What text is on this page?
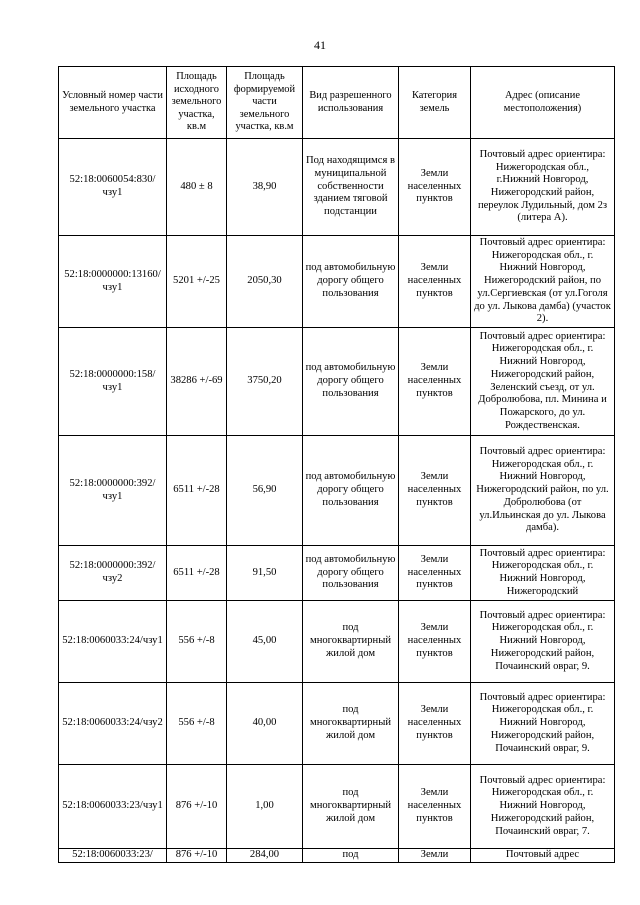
41
Условный номер части земельного участка	Площадь исходного земельного участка, кв.м	Площадь формируемой части земельного участка, кв.м	Вид разрешенного использования	Категория земель	Адрес (описание местоположения)
52:18:0060054:830/чзу1	480 ± 8	38,90	Под находящимся в муниципальной собственности зданием тяговой подстанции	Земли населенных пунктов	Почтовый адрес ориентира: Нижегородская обл., г.Нижний Новгород, Нижегородский район, переулок Лудильный, дом 2з (литера А).
52:18:0000000:13160/чзу1	5201 +/-25	2050,30	под автомобильную дорогу общего пользования	Земли населенных пунктов	Почтовый адрес ориентира: Нижегородская обл., г. Нижний Новгород, Нижегородский район, по ул.Сергиевская (от ул.Гоголя до ул. Лыкова дамба) (участок 2).
52:18:0000000:158/чзу1	38286 +/-69	3750,20	под автомобильную дорогу общего пользования	Земли населенных пунктов	Почтовый адрес ориентира: Нижегородская обл., г. Нижний Новгород, Нижегородский район, Зеленский съезд, от ул. Добролюбова, пл. Минина и Пожарского, до ул. Рождественская.
52:18:0000000:392/чзу1	6511 +/-28	56,90	под автомобильную дорогу общего пользования	Земли населенных пунктов	Почтовый адрес ориентира: Нижегородская обл., г. Нижний Новгород, Нижегородский район, по ул. Добролюбова (от ул.Ильинская до ул. Лыкова дамба).
52:18:0000000:392/чзу2	6511 +/-28	91,50	под автомобильную дорогу общего пользования	Земли населенных пунктов	Почтовый адрес ориентира: Нижегородская обл., г. Нижний Новгород, Нижегородский
52:18:0060033:24/чзу1	556 +/-8	45,00	под многоквартирный жилой дом	Земли населенных пунктов	Почтовый адрес ориентира: Нижегородская обл., г. Нижний Новгород, Нижегородский район, Почаинский овраг, 9.
52:18:0060033:24/чзу2	556 +/-8	40,00	под многоквартирный жилой дом	Земли населенных пунктов	Почтовый адрес ориентира: Нижегородская обл., г. Нижний Новгород, Нижегородский район, Почаинский овраг, 9.
52:18:0060033:23/чзу1	876 +/-10	1,00	под многоквартирный жилой дом	Земли населенных пунктов	Почтовый адрес ориентира: Нижегородская обл., г. Нижний Новгород, Нижегородский район, Почаинский овраг, 7.
52:18:0060033:23/	876 +/-10	284,00	под	Земли	Почтовый адрес
